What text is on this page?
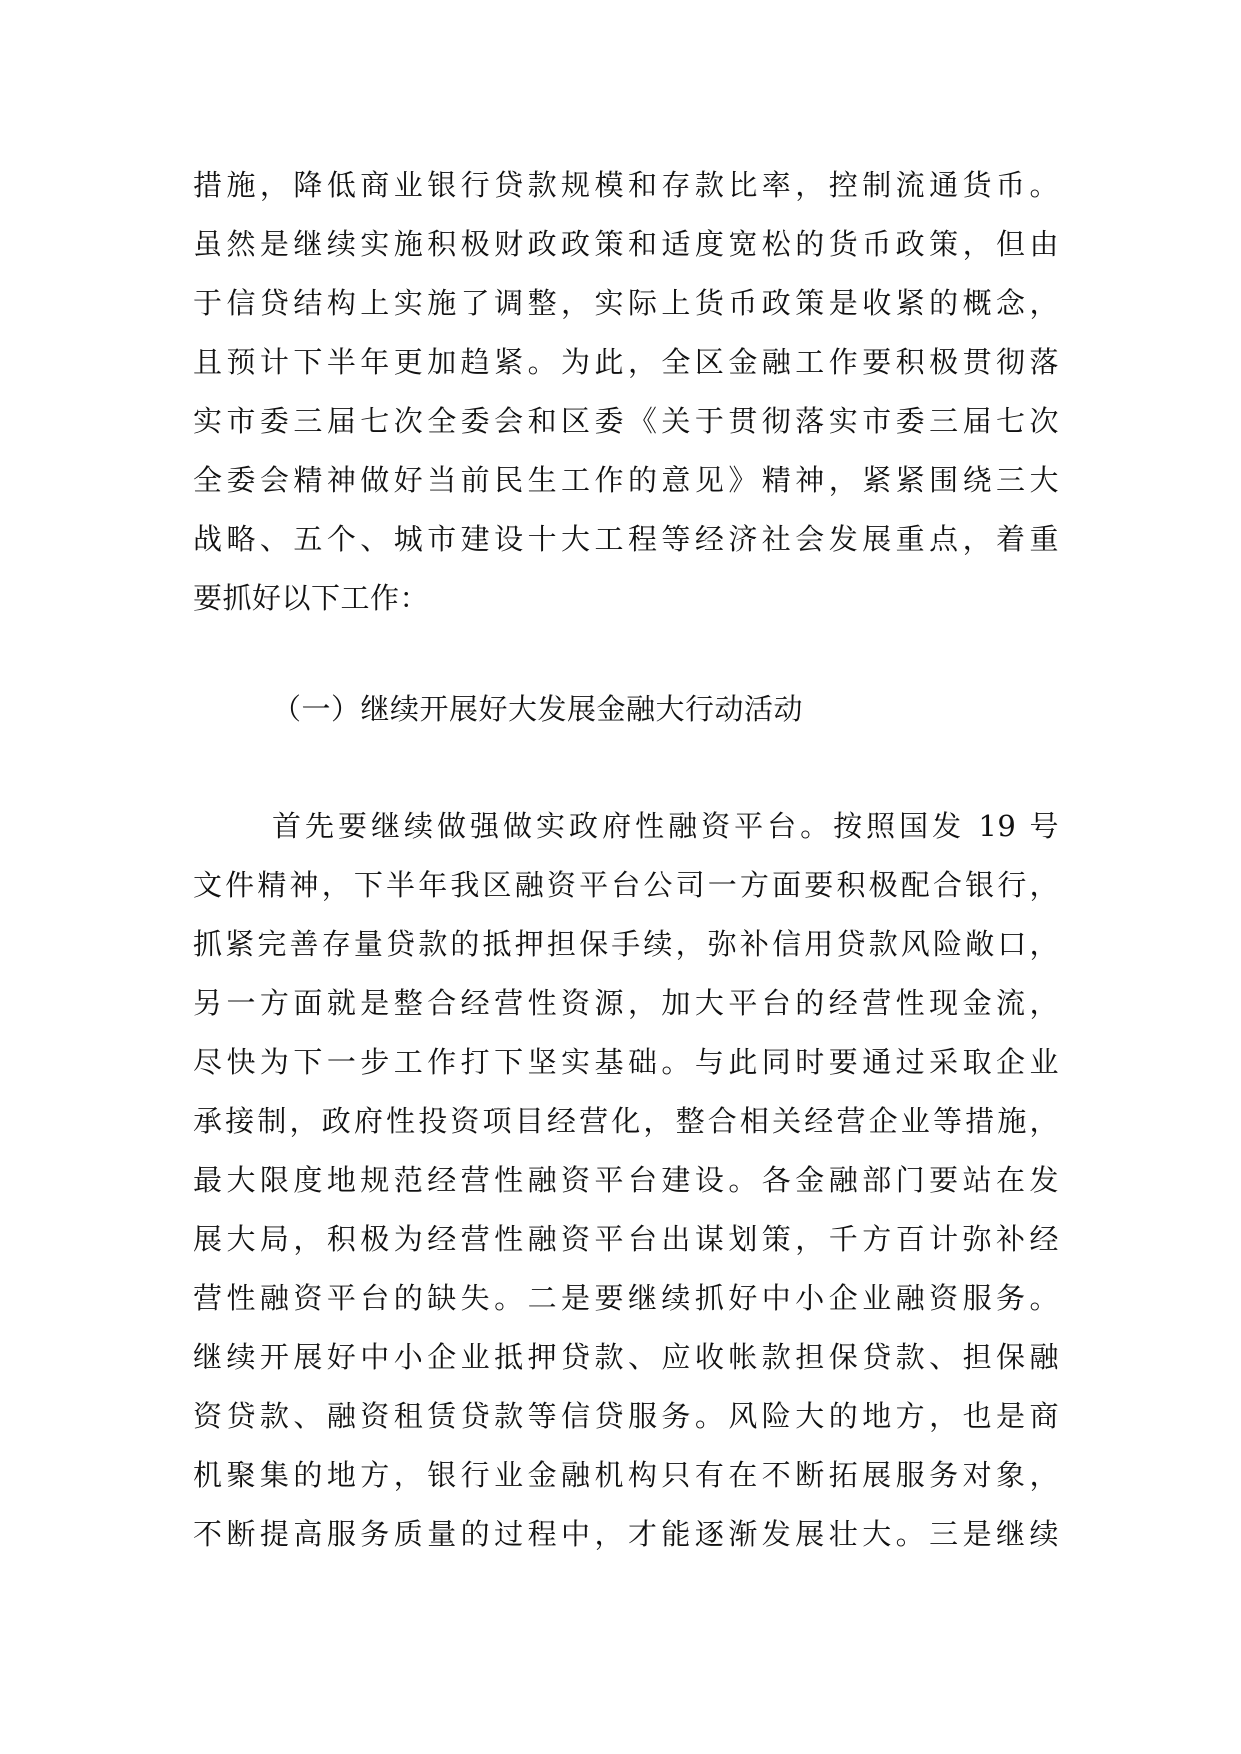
措施，降低商业银行贷款规模和存款比率，控制流通货币。
虽然是继续实施积极财政政策和适度宽松的货币政策，但由
于信贷结构上实施了调整，实际上货币政策是收紧的概念，
且预计下半年更加趋紧。为此，全区金融工作要积极贯彻落
实市委三届七次全委会和区委《关于贯彻落实市委三届七次
全委会精神做好当前民生工作的意见》精神，紧紧围绕三大
战略、五个、城市建设十大工程等经济社会发展重点，着重
要抓好以下工作：
（一）继续开展好大发展金融大行动活动
首先要继续做强做实政府性融资平台。按照国发 19 号
文件精神，下半年我区融资平台公司一方面要积极配合银行，
抓紧完善存量贷款的抵押担保手续，弥补信用贷款风险敞口，
另一方面就是整合经营性资源，加大平台的经营性现金流，
尽快为下一步工作打下坚实基础。与此同时要通过采取企业
承接制，政府性投资项目经营化，整合相关经营企业等措施，
最大限度地规范经营性融资平台建设。各金融部门要站在发
展大局，积极为经营性融资平台出谋划策，千方百计弥补经
营性融资平台的缺失。二是要继续抓好中小企业融资服务。
继续开展好中小企业抵押贷款、应收帐款担保贷款、担保融
资贷款、融资租赁贷款等信贷服务。风险大的地方，也是商
机聚集的地方，银行业金融机构只有在不断拓展服务对象，
不断提高服务质量的过程中，才能逐渐发展壮大。三是继续
